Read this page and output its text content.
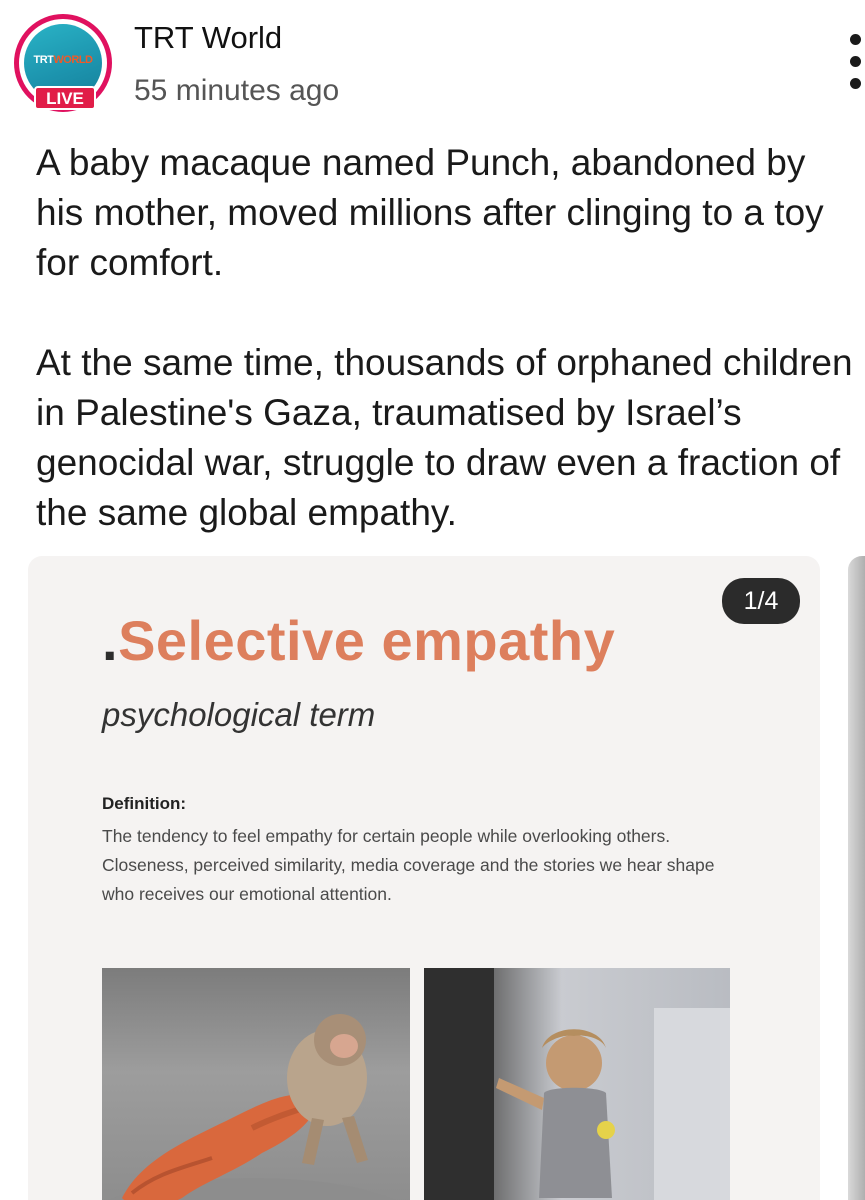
TRTWORLD
LIVE
TRT World
55 minutes ago

A baby macaque named Punch, abandoned by his mother, moved millions after clinging to a toy for comfort.

At the same time, thousands of orphaned children in Palestine's Gaza, traumatised by Israel’s genocidal war, struggle to draw even a fraction of the same global empathy.

.Selective empathy
psychological term
Definition:
The tendency to feel empathy for certain people while overlooking others. Closeness, perceived similarity, media coverage and the stories we hear shape who receives our emotional attention.
1/4
